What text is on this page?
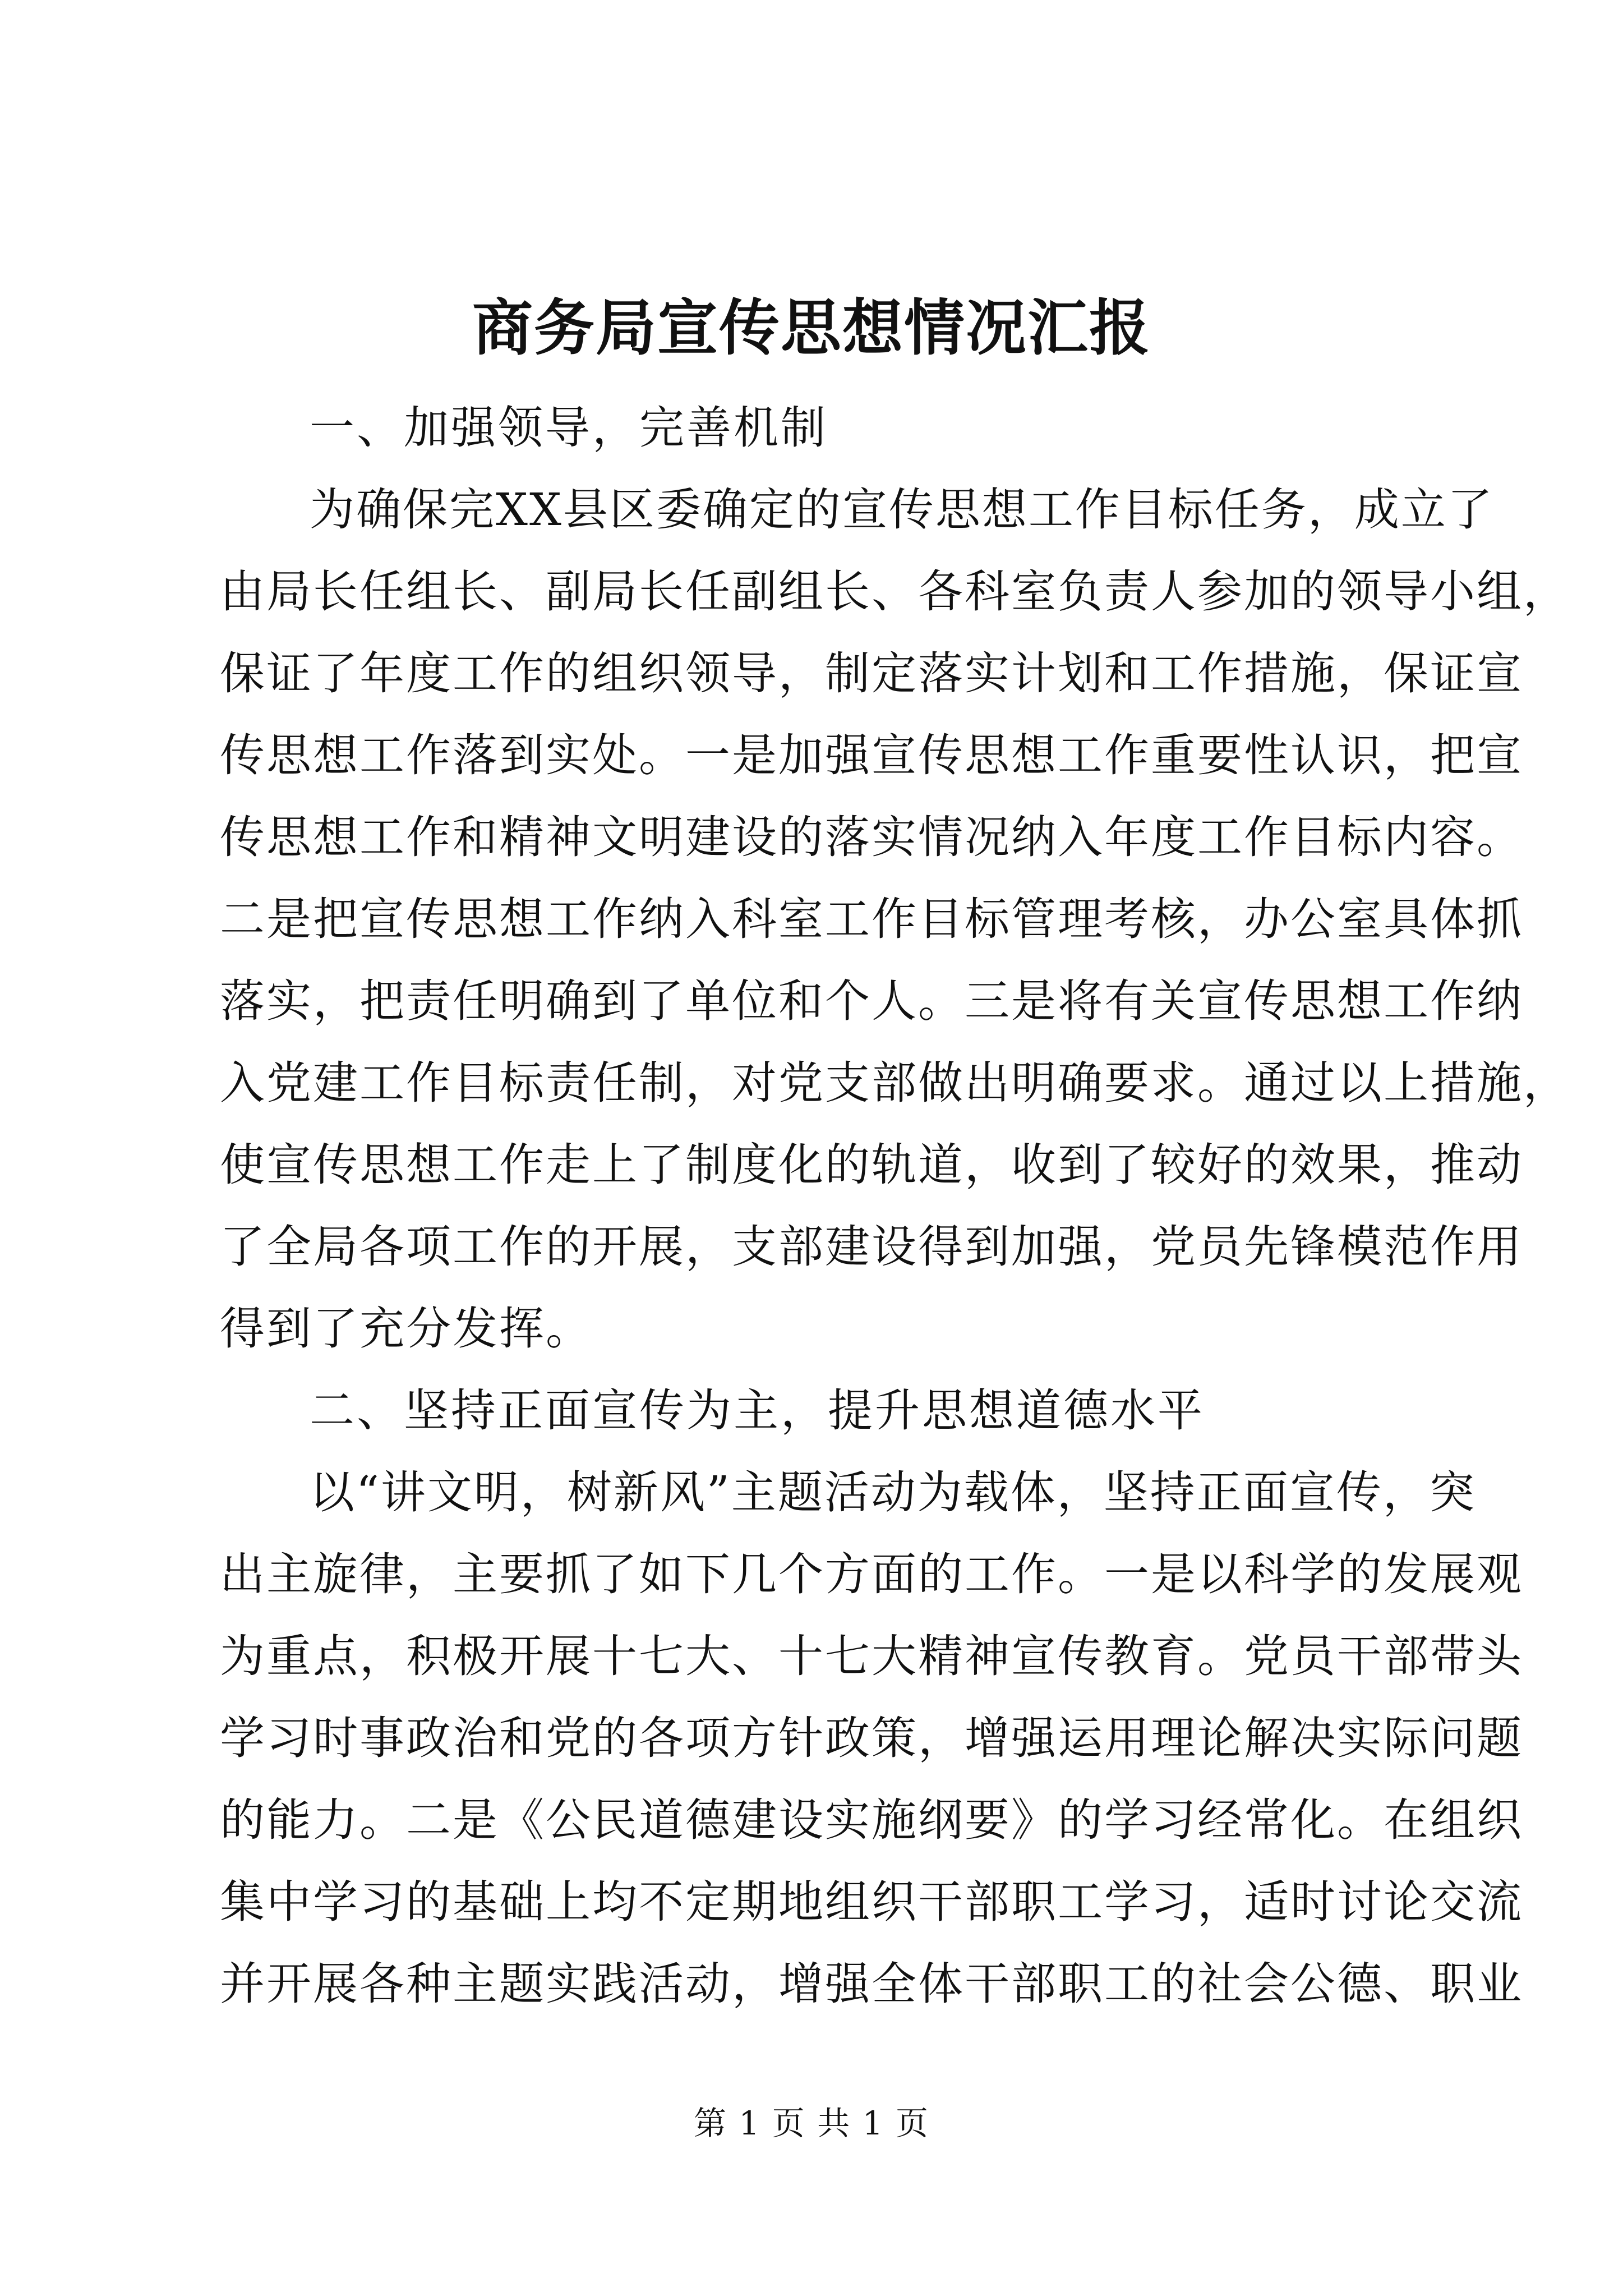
商务局宣传思想情况汇报
一、加强领导，完善机制
为确保完XX县区委确定的宣传思想工作目标任务，成立了
由局长任组长、副局长任副组长、各科室负责人参加的领导小组，
保证了年度工作的组织领导，制定落实计划和工作措施，保证宣
传思想工作落到实处。一是加强宣传思想工作重要性认识，把宣
传思想工作和精神文明建设的落实情况纳入年度工作目标内容。
二是把宣传思想工作纳入科室工作目标管理考核，办公室具体抓
落实，把责任明确到了单位和个人。三是将有关宣传思想工作纳
入党建工作目标责任制，对党支部做出明确要求。通过以上措施，
使宣传思想工作走上了制度化的轨道，收到了较好的效果，推动
了全局各项工作的开展，支部建设得到加强，党员先锋模范作用
得到了充分发挥。
二、坚持正面宣传为主，提升思想道德水平
以“讲文明，树新风”主题活动为载体，坚持正面宣传，突
出主旋律，主要抓了如下几个方面的工作。一是以科学的发展观
为重点，积极开展十七大、十七大精神宣传教育。党员干部带头
学习时事政治和党的各项方针政策，增强运用理论解决实际问题
的能力。二是《公民道德建设实施纲要》的学习经常化。在组织
集中学习的基础上均不定期地组织干部职工学习，适时讨论交流
并开展各种主题实践活动，增强全体干部职工的社会公德、职业
第 1 页 共 1 页
